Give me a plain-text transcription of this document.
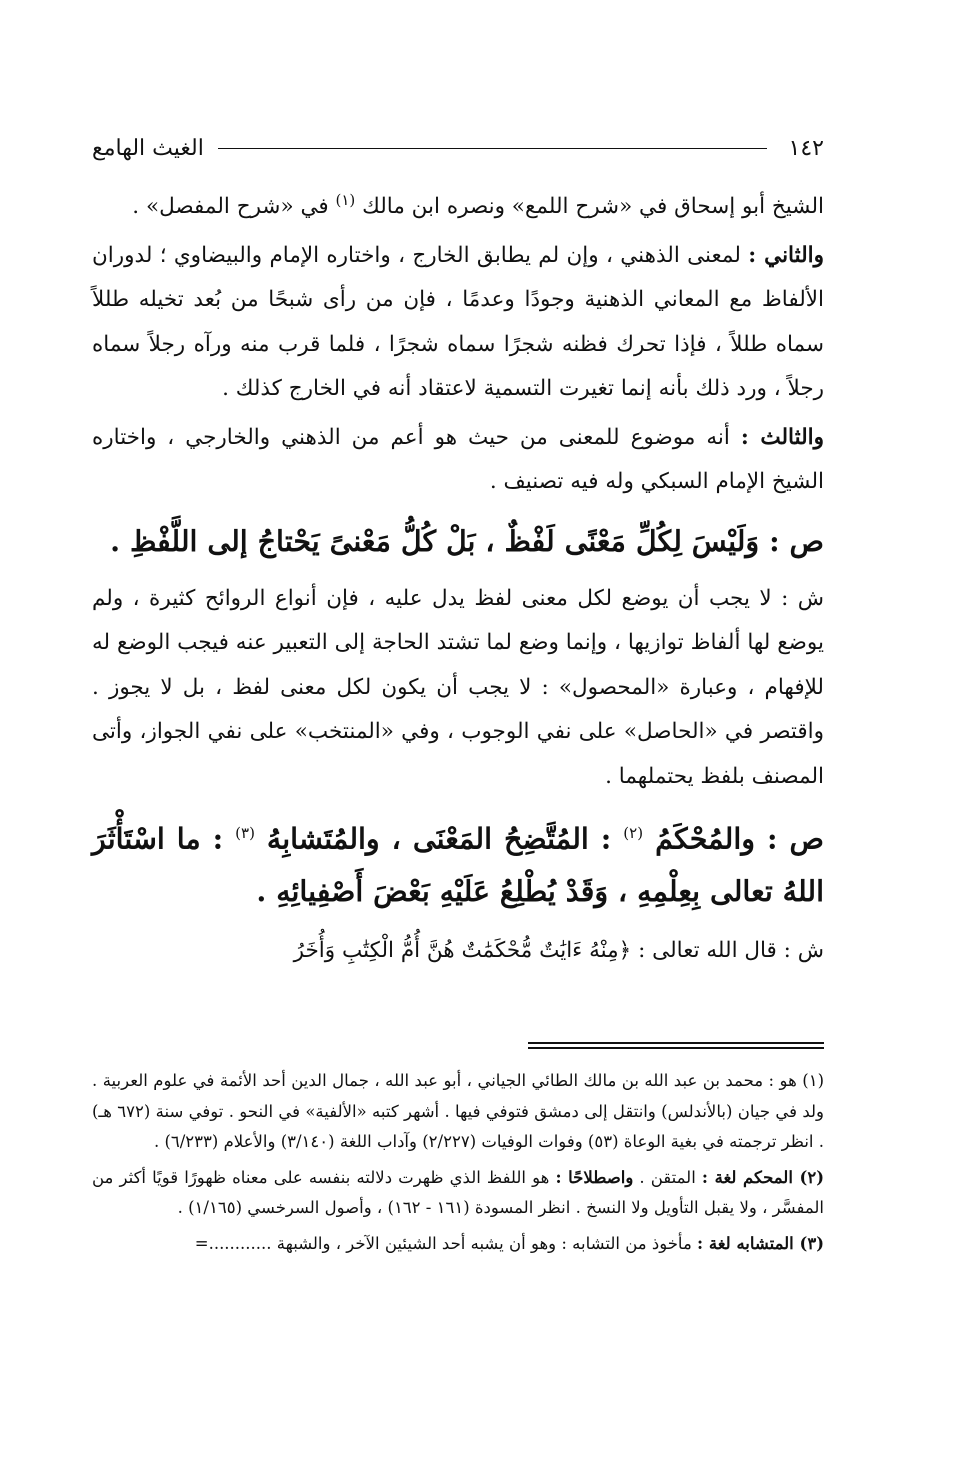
١٤٢
الغيث الهامع

الشيخ أبو إسحاق في «شرح اللمع» ونصره ابن مالك $^{(١)}$ في «شرح المفصل» .

والثاني : لمعنى الذهني ، وإن لم يطابق الخارج ، واختاره الإمام والبيضاوي ؛ لدوران الألفاظ مع المعاني الذهنية وجودًا وعدمًا ، فإن من رأى شبحًا من بُعد تخيله طللاً سماه طللاً ، فإذا تحرك فظنه شجرًا سماه شجرًا ، فلما قرب منه ورآه رجلاً سماه رجلاً ، ورد ذلك بأنه إنما تغيرت التسمية لاعتقاد أنه في الخارج كذلك .

والثالث : أنه موضوع للمعنى من حيث هو أعم من الذهني والخارجي ، واختاره الشيخ الإمام السبكي وله فيه تصنيف .

ص : وَلَيْسَ لِكُلِّ مَعْنًى لَفْظٌ ، بَلْ كُلُّ مَعْنىً يَحْتاجُ إلى اللَّفْظِ .

ش : لا يجب أن يوضع لكل معنى لفظ يدل عليه ، فإن أنواع الروائح كثيرة ، ولم يوضع لها ألفاظ توازيها ، وإنما وضع لما تشتد الحاجة إلى التعبير عنه فيجب الوضع له للإفهام ، وعبارة «المحصول» : لا يجب أن يكون لكل معنى لفظ ، بل لا يجوز . واقتصر في «الحاصل» على نفي الوجوب ، وفي «المنتخب» على نفي الجواز، وأتى المصنف بلفظ يحتملهما .

ص : والمُحْكَمُ $^{(٢)}$ : المُتَّضِحُ المَعْنَى ، والمُتَشابِهُ $^{(٣)}$ : ما اسْتَأْثَرَ اللهُ تعالى بِعِلْمِهِ ، وَقَدْ يُطْلِعُ عَلَيْهِ بَعْضَ أَصْفِيائِهِ .

ش : قال الله تعالى : ﴿مِنْهُ ءَايَٰتٌ مُّحْكَمَٰتٌ هُنَّ أُمُّ الْكِتَٰبِ وَأُخَرُ

(١) هو : محمد بن عبد الله بن مالك الطائي الجياني ، أبو عبد الله ، جمال الدين أحد الأئمة في علوم العربية . ولد في جيان (بالأندلس) وانتقل إلى دمشق فتوفي فيها . أشهر كتبه «الألفية» في النحو . توفي سنة (٦٧٢ هـ) . انظر ترجمته في بغية الوعاة (٥٣) وفوات الوفيات (٢/٢٢٧) وآداب اللغة (٣/١٤٠) والأعلام (٦/٢٣٣) .

(٢) المحكم لغة : المتقن . واصطلاحًا : هو اللفظ الذي ظهرت دلالته بنفسه على معناه ظهورًا قويًا أكثر من المفسَّر ، ولا يقبل التأويل ولا النسخ . انظر المسودة (١٦١ - ١٦٢) ، وأصول السرخسي (١/١٦٥) .

(٣) المتشابه لغة : مأخوذ من التشابه : وهو أن يشبه أحد الشيئين الآخر ، والشبهة ............=
